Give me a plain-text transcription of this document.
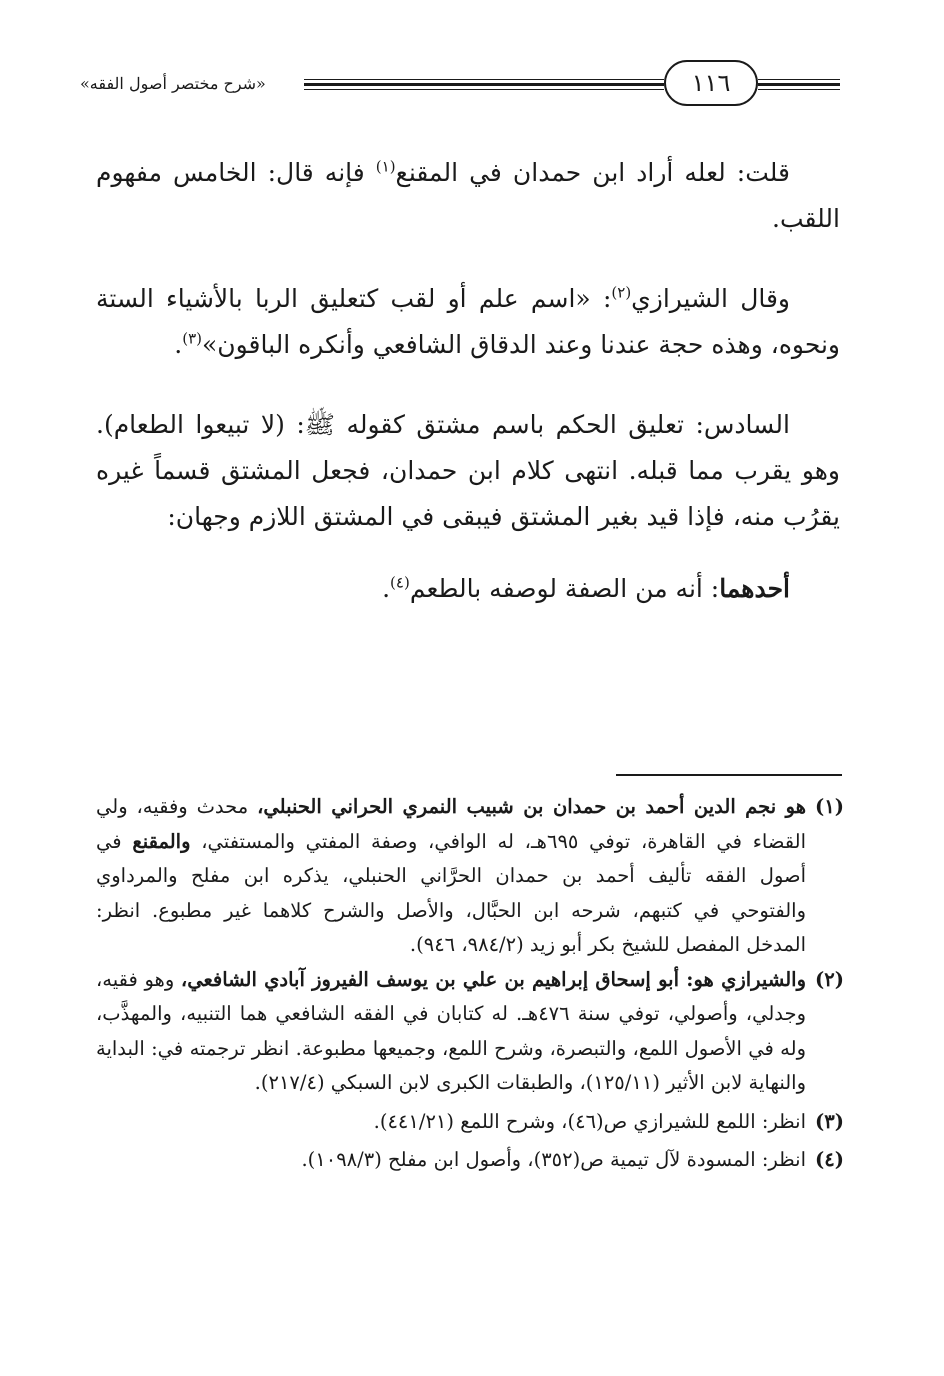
«شرح مختصر أصول الفقه»	١١٦

قلت: لعله أراد ابن حمدان في المقنع$^{(١)}$ فإنه قال: الخامس مفهوم اللقب.

وقال الشيرازي$^{(٢)}$: «اسم علم أو لقب كتعليق الربا بالأشياء الستة ونحوه، وهذه حجة عندنا وعند الدقاق الشافعي وأنكره الباقون»$^{(٣)}$.

السادس: تعليق الحكم باسم مشتق كقوله ﷺ: (لا تبيعوا الطعام). وهو يقرب مما قبله. انتهى كلام ابن حمدان، فجعل المشتق قسماً غيره يقرُب منه، فإذا قيد بغير المشتق فيبقى في المشتق اللازم وجهان:

أحدهما: أنه من الصفة لوصفه بالطعم$^{(٤)}$.

(١)
هو نجم الدين أحمد بن حمدان بن شبيب النمري الحراني الحنبلي، محدث وفقيه، ولي القضاء في القاهرة، توفي ٦٩٥هـ، له الوافي، وصفة المفتي والمستفتي، والمقنع في أصول الفقه تأليف أحمد بن حمدان الحرَّاني الحنبلي، يذكره ابن مفلح والمرداوي والفتوحي في كتبهم، شرحه ابن الحبَّال، والأصل والشرح كلاهما غير مطبوع. انظر: المدخل المفصل للشيخ بكر أبو زيد (٩٨٤/٢، ٩٤٦).
(٢)
والشيرازي هو: أبو إسحاق إبراهيم بن علي بن يوسف الفيروز آبادي الشافعي، وهو فقيه، وجدلي، وأصولي، توفي سنة ٤٧٦هـ. له كتابان في الفقه الشافعي هما التنبيه، والمهذَّب، وله في الأصول اللمع، والتبصرة، وشرح اللمع، وجميعها مطبوعة. انظر ترجمته في: البداية والنهاية لابن الأثير (١٢٥/١١)، والطبقات الكبرى لابن السبكي (٢١٧/٤).
(٣)
انظر: اللمع للشيرازي ص(٤٦)، وشرح اللمع (٤٤١/٢١).
(٤)
انظر: المسودة لآل تيمية ص(٣٥٢)، وأصول ابن مفلح (١٠٩٨/٣).
